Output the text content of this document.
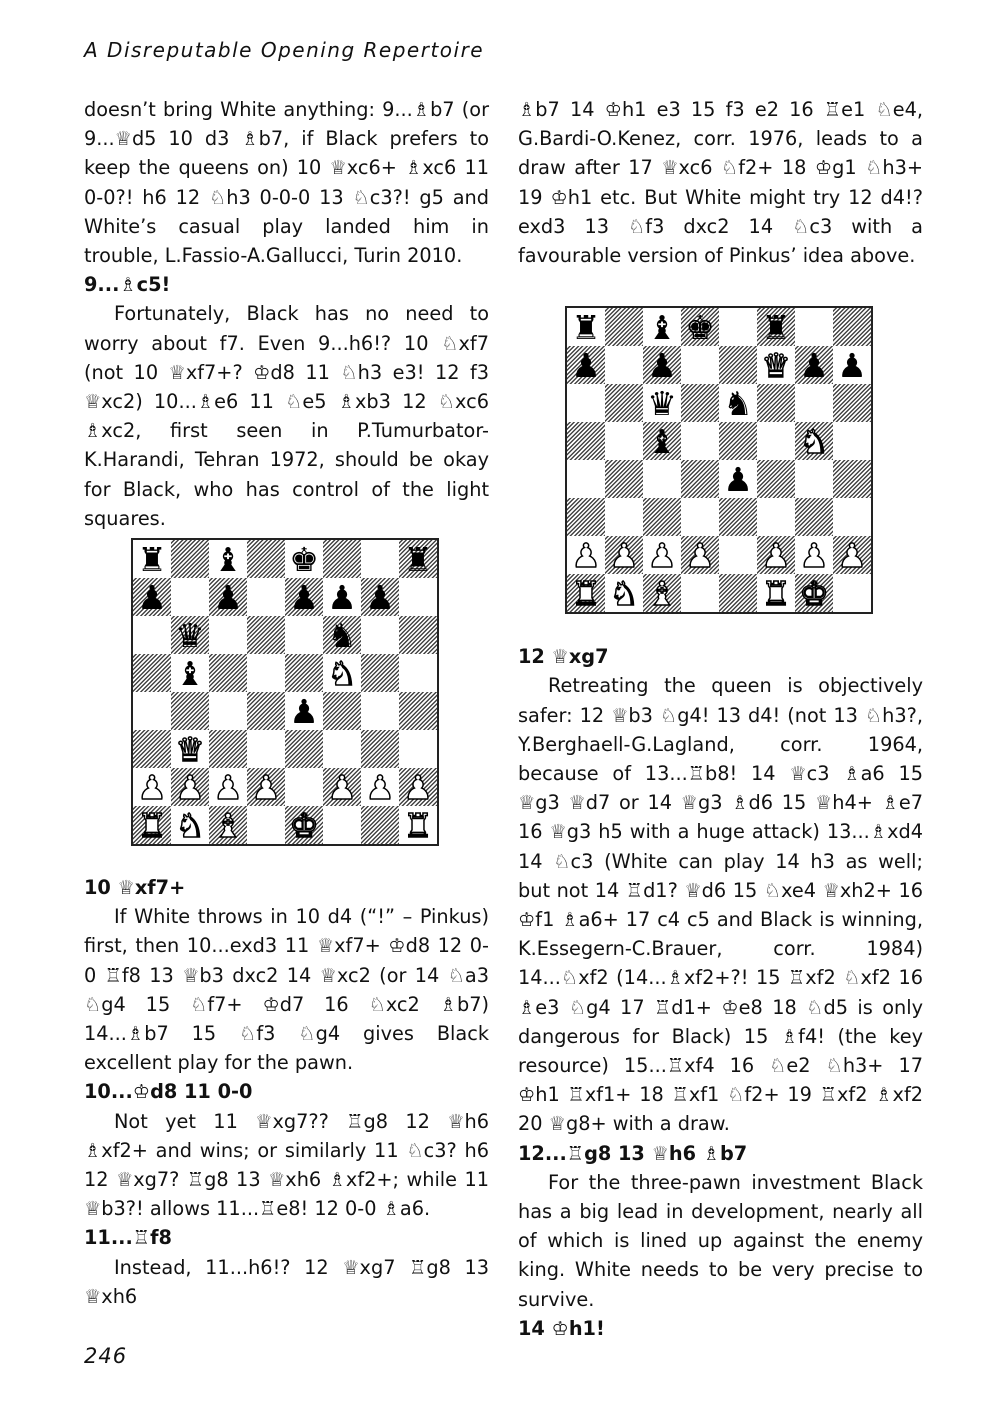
A Disreputable Opening Repertoire

doesn’t bring White anything: 9...♗b7 (or 9...♕d5 10 d3 ♗b7, if Black prefers to keep the queens on) 10 ♕xc6+ ♗xc6 11 0-0?! h6 12 ♘h3 0-0-0 13 ♘c3?! g5 and White’s casual play landed him in trouble, L.Fassio-A.Gallucci, Turin 2010.

9...♗c5!

Fortunately, Black has no need to worry about f7. Even 9...h6!? 10 ♘xf7 (not 10 ♕xf7+? ♔d8 11 ♘h3 e3! 12 f3 ♕xc2) 10...♗e6 11 ♘e5 ♗xb3 12 ♘xc6 ♗xc2, first seen in P.Tumurbator-K.Harandi, Tehran 1972, should be okay for Black, who has control of the light squares.

10 ♕xf7+

If White throws in 10 d4 (“!” – Pinkus) first, then 10...exd3 11 ♕xf7+ ♔d8 12 0-0 ♖f8 13 ♕b3 dxc2 14 ♕xc2 (or 14 ♘a3 ♘g4 15 ♘f7+ ♔d7 16 ♘xc2 ♗b7) 14...♗b7 15 ♘f3 ♘g4 gives Black excellent play for the pawn.

10...♔d8 11 0-0

Not yet 11 ♕xg7?? ♖g8 12 ♕h6 ♗xf2+ and wins; or similarly 11 ♘c3? h6 12 ♕xg7? ♖g8 13 ♕xh6 ♗xf2+; while 11 ♕b3?! allows 11...♖e8! 12 0-0 ♗a6.

11...♖f8

Instead, 11...h6!? 12 ♕xg7 ♖g8 13 ♕xh6

♗b7 14 ♔h1 e3 15 f3 e2 16 ♖e1 ♘e4, G.Bardi-O.Kenez, corr. 1976, leads to a draw after 17 ♕xc6 ♘f2+ 18 ♔g1 ♘h3+ 19 ♔h1 etc. But White might try 12 d4!? exd3 13 ♘f3 dxc2 14 ♘c3 with a favourable version of Pinkus’ idea above.

12 ♕xg7

Retreating the queen is objectively safer: 12 ♕b3 ♘g4! 13 d4! (not 13 ♘h3?, Y.Berghaell-G.Lagland, corr. 1964, because of 13...♖b8! 14 ♕c3 ♗a6 15 ♕g3 ♕d7 or 14 ♕g3 ♗d6 15 ♕h4+ ♗e7 16 ♕g3 h5 with a huge attack) 13...♗xd4 14 ♘c3 (White can play 14 h3 as well; but not 14 ♖d1? ♕d6 15 ♘xe4 ♕xh2+ 16 ♔f1 ♗a6+ 17 c4 c5 and Black is winning, K.Essegern-C.Brauer, corr. 1984) 14...♘xf2 (14...♗xf2+?! 15 ♖xf2 ♘xf2 16 ♗e3 ♘g4 17 ♖d1+ ♔e8 18 ♘d5 is only dangerous for Black) 15 ♗f4! (the key resource) 15...♖xf4 16 ♘e2 ♘h3+ 17 ♔h1 ♖xf1+ 18 ♖xf1 ♘f2+ 19 ♖xf2 ♗xf2 20 ♕g8+ with a draw.

12...♖g8 13 ♕h6 ♗b7

For the three-pawn investment Black has a big lead in development, nearly all of which is lined up against the enemy king. White needs to be very precise to survive.

14 ♔h1!

♜ ♝ ♚	♜
♟ ♟ ♟ ♟ ♟
♛	♞
♝	♞
♟
♛
♟ ♟ ♟ ♟ ♟ ♟ ♟
♜ ♞ ♝ ♚	♜
♜ ♝ ♚ ♜
♟ ♟	♛ ♟ ♟
♛ ♞
♝	♞
♟
♟ ♟ ♟ ♟ ♟ ♟ ♟
♜ ♞ ♝	♜ ♚
246
